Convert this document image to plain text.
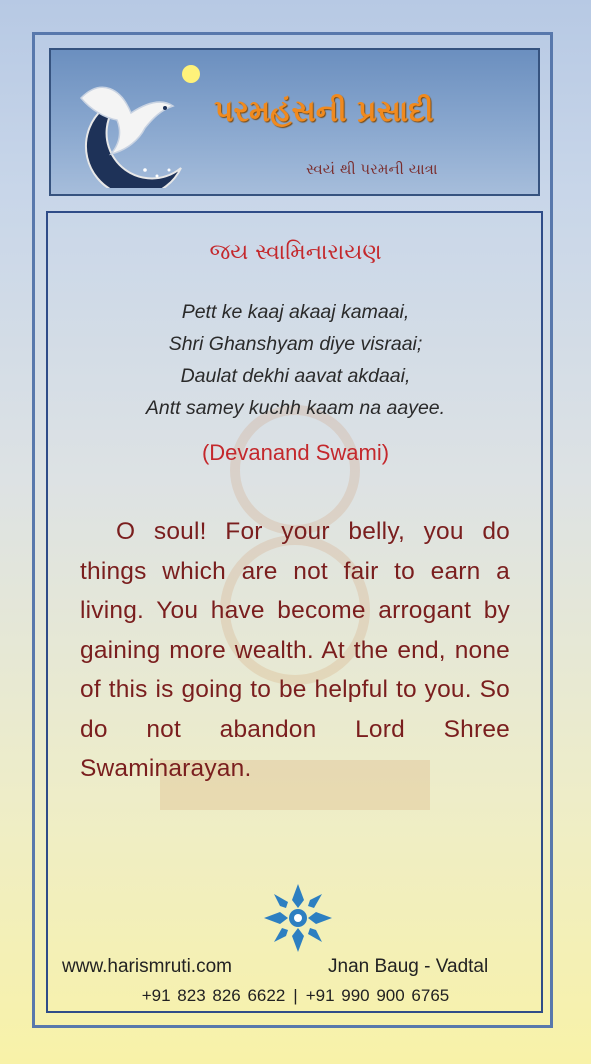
પરમહંસની પ્રસાદી
સ્વયં થી પરમની યાત્રા
જય સ્વામિનારાયણ
Pett ke kaaj akaaj kamaai,
Shri Ghanshyam diye visraai;
Daulat dekhi aavat akdaai,
Antt samey kuchh kaam na aayee.
(Devanand Swami)
O soul! For your belly, you do things which are not fair to earn a living. You have become arrogant by gaining more wealth. At the end, none of this is going to be helpful to you. So do not abandon Lord Shree Swaminarayan.
www.harismruti.com	Jnan Baug - Vadtal
+91 823 826 6622 | +91 990 900 6765
